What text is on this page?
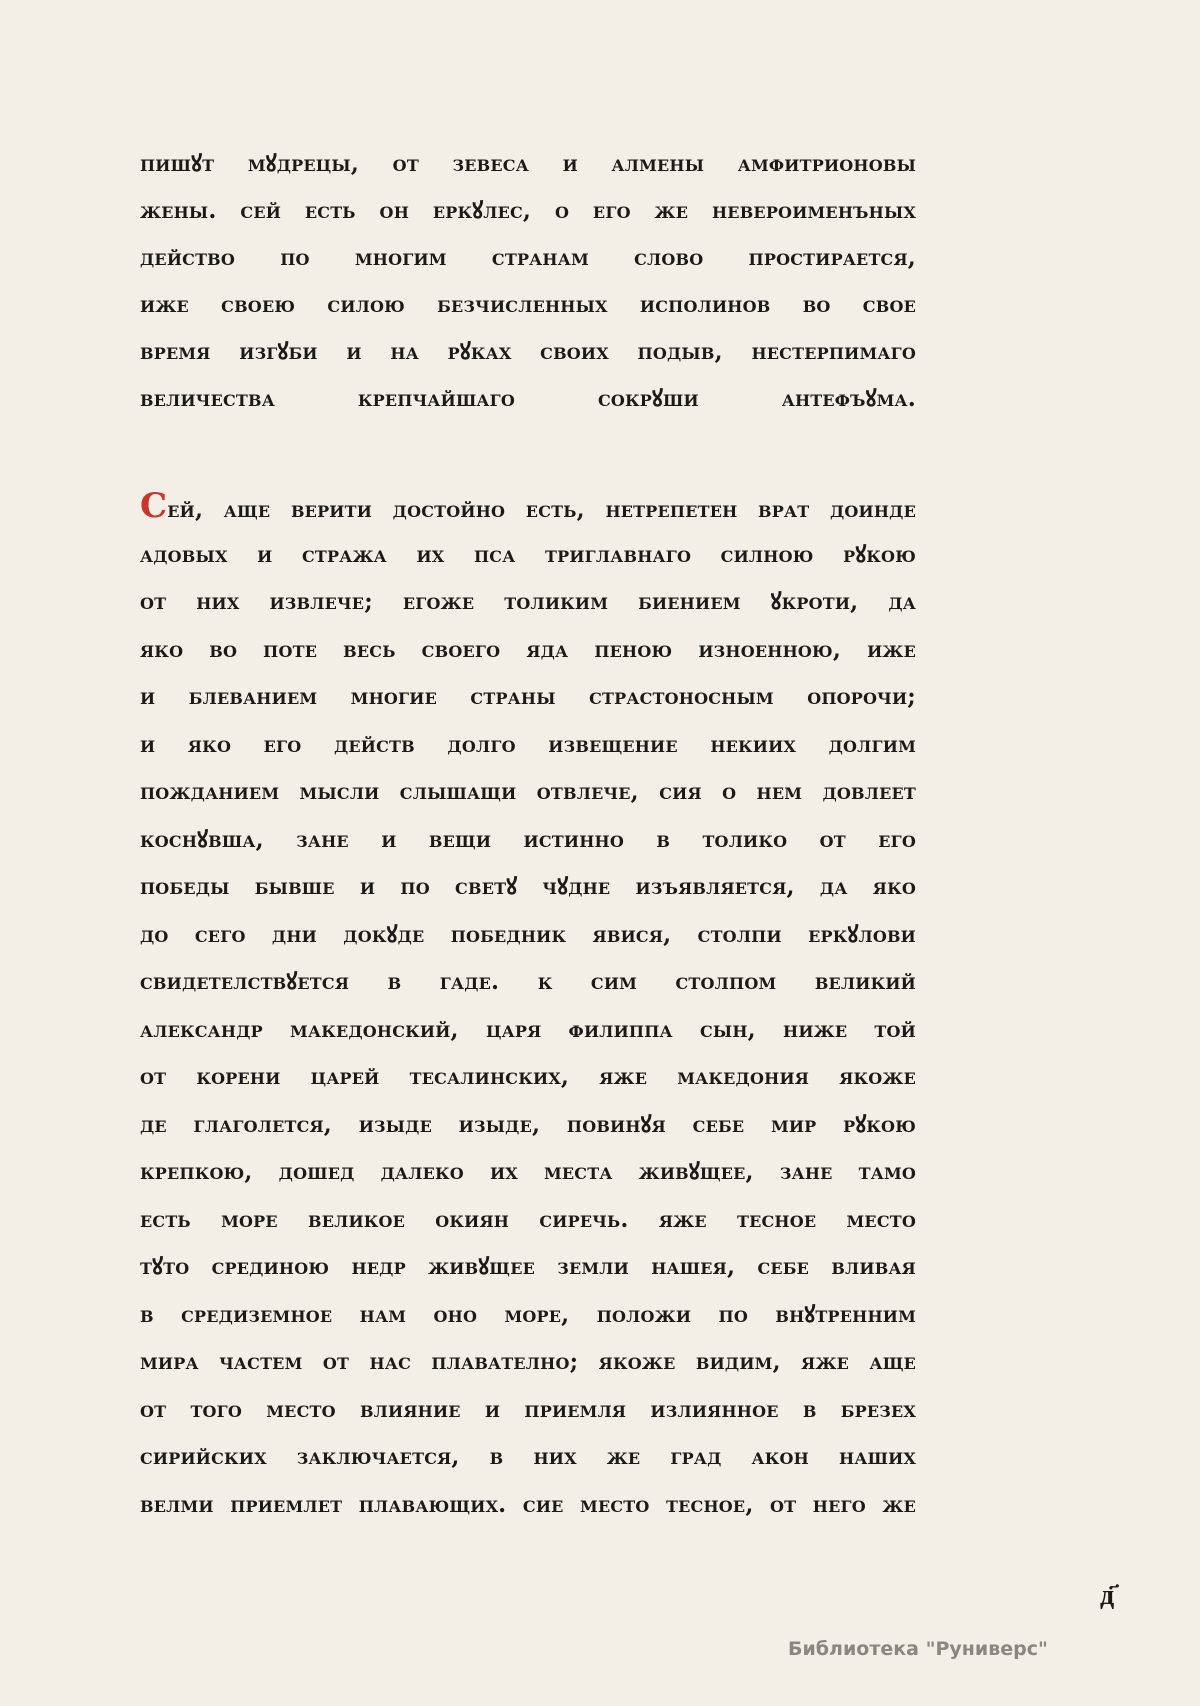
пишꙋт мꙋдрецы, от зевеса и алмены амфитрионовы
жены. сей есть он еркꙋлес, о его же невероименъных
действо по многим странам слово простирается,
иже своею силою безчисленных исполинов во свое
время изгꙋби и на рꙋках своих подыв, нестерпимаго
величества крепчайшаго сокрꙋши антефъꙋма.
Сей, аще верити достойно есть, нетрепетен врат доинде
адовых и стража их пса триглавнаго силною рꙋкою
от них извлече; егоже толиким биением ꙋкроти, да
яко во поте весь своего яда пеною изноенною, иже
и блеванием многие страны страстоносным опорочи;
и яко его действ долго извещение некиих долгим
пожданием мысли слышащи отвлече, сия о нем довлеет
коснꙋвша, зане и вещи истинно в толико от его
победы бывше и по светꙋ чꙋдне изъявляется, да яко
до сего дни докꙋде победник явися, столпи еркꙋлови
свидетелствꙋется в гаде. к сим столпом великий
александр македонский, царя филиппа сын, ниже той
от корени царей тесалинских, яже македония якоже
де глаголется, изыде изыде, повинꙋя себе мир рꙋкою
крепкою, дошед далеко их места живꙋщее, зане тамо
есть море великое окиян сиречь. яже тесное место
тꙋто срединою недр живꙋщее земли нашея, себе вливая
в средиземное нам оно море, положи по внꙋтренним
мира частем от нас плавателно; якоже видим, яже аще
от того место влияние и приемля излиянное в брезех
сирийских заключается, в них же град акон наших
велми приемлет плавающих. сие место тесное, от него же
д҃
Библиотека "Руниверс"
